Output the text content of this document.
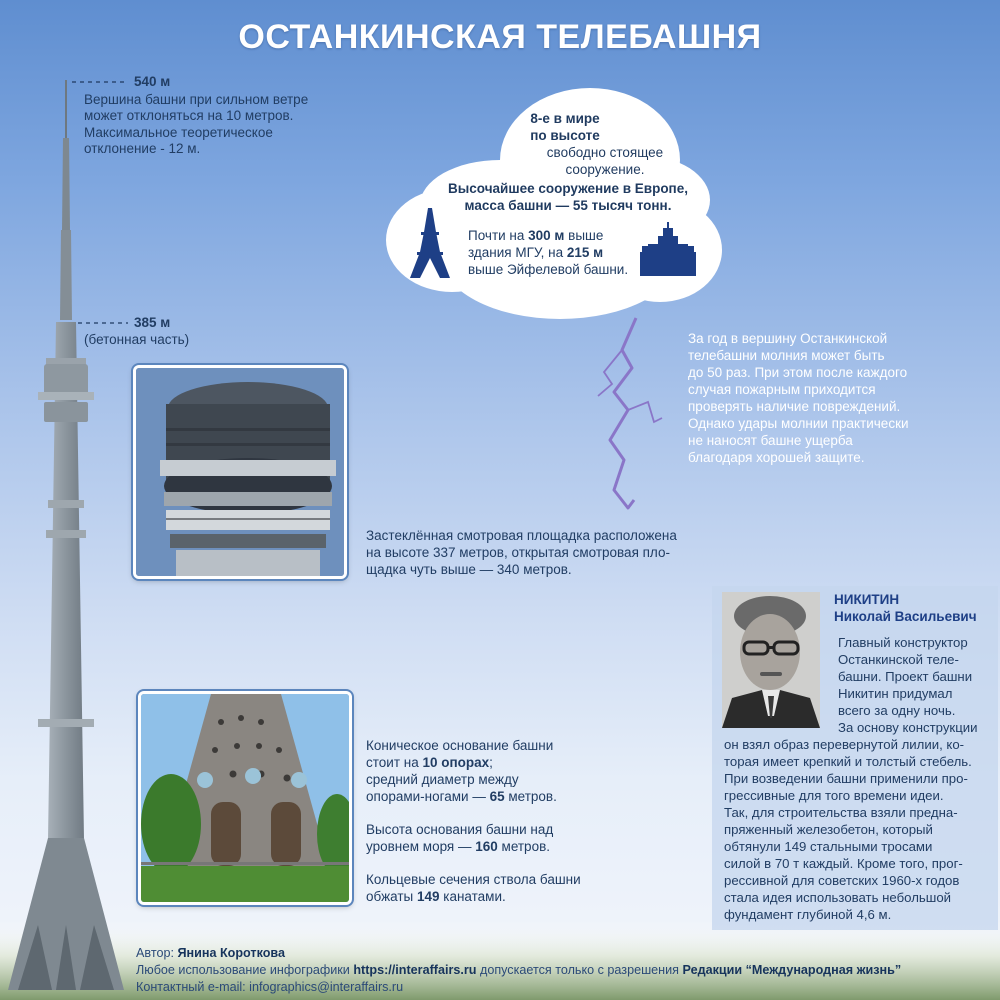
ОСТАНКИНСКАЯ ТЕЛЕБАШНЯ
540 м
Вершина башни при сильном ветре
может отклоняться на 10 метров.
Максимальное теоретическое
отклонение - 12 м.
385 м
(бетонная часть)
8-е в мире
по высоте
свободно стоящее
сооружение.
Высочайшее сооружение в Европе,
масса башни — 55 тысяч тонн.
Почти на 300 м выше
здания МГУ, на 215 м
выше Эйфелевой башни.
За год в вершину Останкинской
телебашни молния может быть
до 50 раз. При этом после каждого
случая пожарным приходится
проверять наличие повреждений.
Однако удары молнии практически
не наносят башне ущерба
благодаря хорошей защите.
Застеклённая смотровая площадка расположена
на высоте 337 метров, открытая смотровая пло-
щадка чуть выше — 340 метров.
Коническое основание башни
стоит на 10 опорах;
средний диаметр между
опорами-ногами — 65 метров.
Высота основания башни над
уровнем моря — 160 метров.
Кольцевые сечения ствола башни
обжаты 149 канатами.
НИКИТИН
Николай Васильевич
Главный конструктор
Останкинской теле-
башни. Проект башни
Никитин придумал
всего за одну ночь.
За основу конструкции
он взял образ перевернутой лилии, ко-
торая имеет крепкий и толстый стебель.
При возведении башни применили про-
грессивные для того времени идеи.
Так, для строительства взяли предна-
пряженный железобетон, который
обтянули 149 стальными тросами
силой в 70 т каждый. Кроме того, прог-
рессивной для советских 1960-х годов
стала идея использовать небольшой
фундамент глубиной 4,6 м.
Автор: Янина Короткова
Любое использование инфографики https://interaffairs.ru допускается только с разрешения Редакции “Международная жизнь”
Контактный e-mail: infographics@interaffairs.ru
